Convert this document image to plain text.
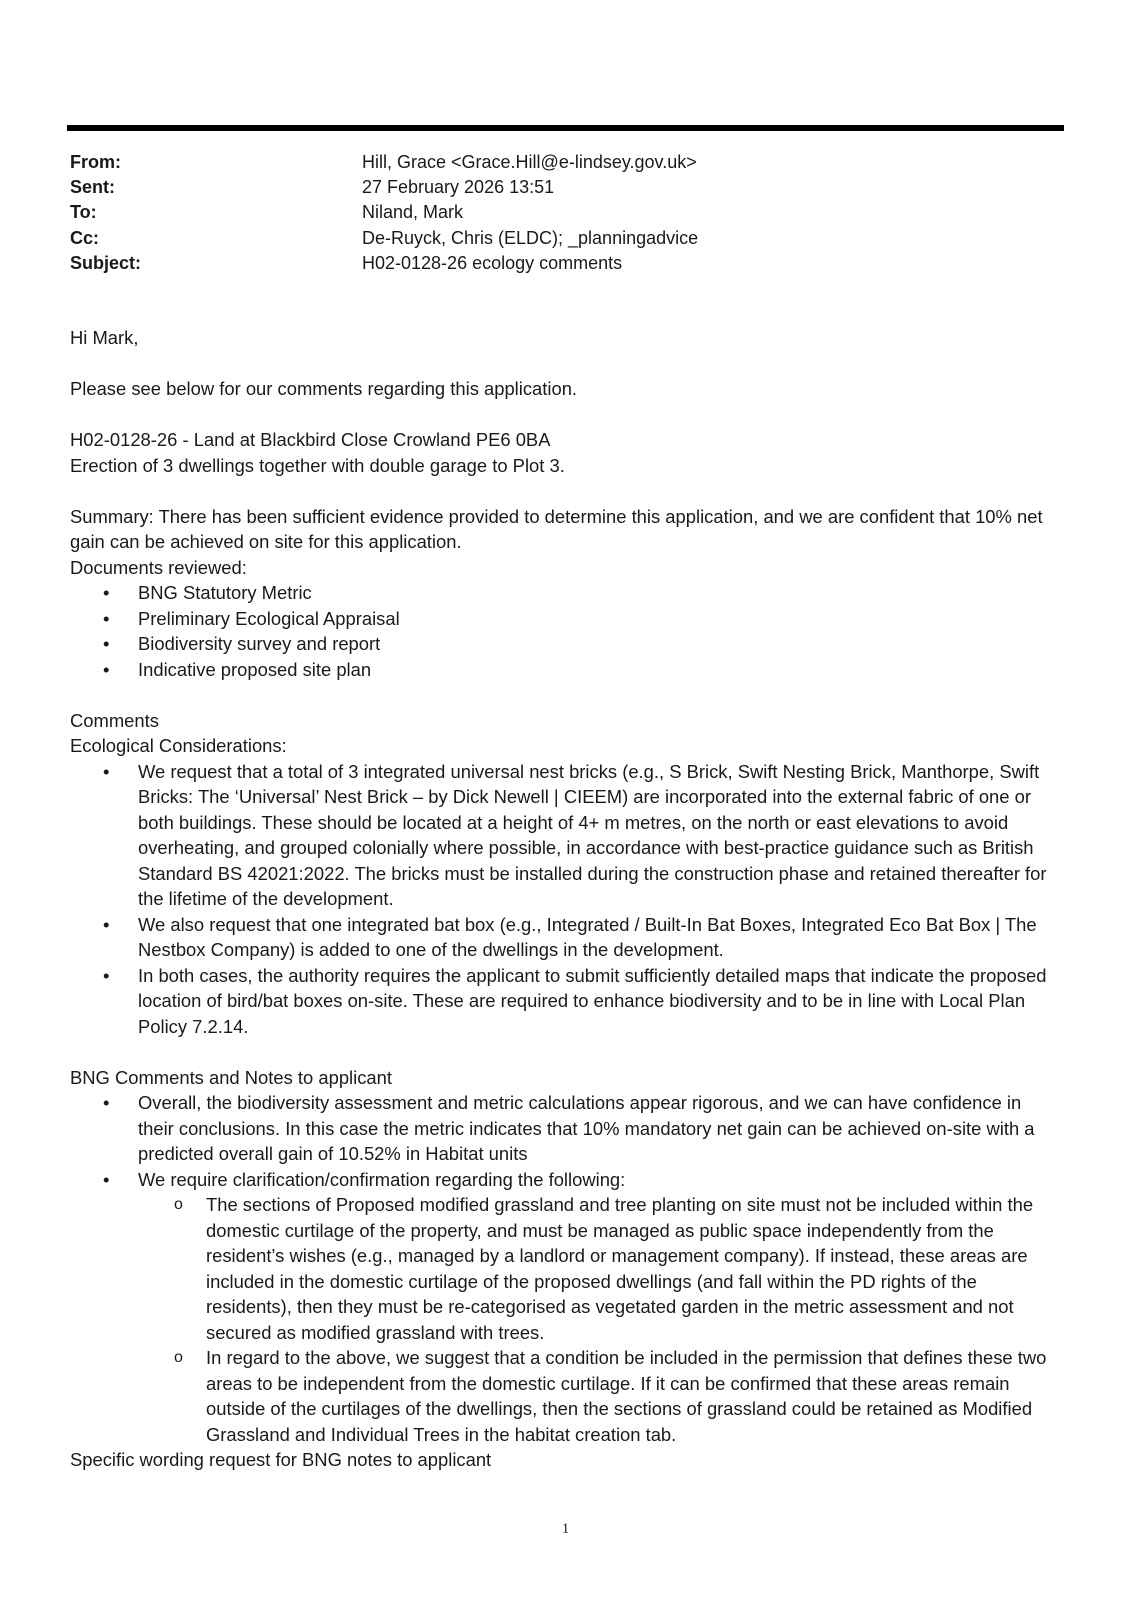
From:	Hill, Grace <Grace.Hill@e-lindsey.gov.uk>
Sent:	27 February 2026 13:51
To:	Niland, Mark
Cc:	De-Ruyck, Chris (ELDC); _planningadvice
Subject:	H02-0128-26 ecology comments

Hi Mark,

Please see below for our comments regarding this application.

H02-0128-26 - Land at Blackbird Close Crowland PE6 0BA

Erection of 3 dwellings together with double garage to Plot 3.

Summary: There has been sufficient evidence provided to determine this application, and we are confident that 10% net gain can be achieved on site for this application.

Documents reviewed:

• BNG Statutory Metric
• Preliminary Ecological Appraisal
• Biodiversity survey and report
• Indicative proposed site plan

Comments

Ecological Considerations:

• We request that a total of 3 integrated universal nest bricks (e.g., S Brick, Swift Nesting Brick, Manthorpe, Swift Bricks: The ‘Universal’ Nest Brick – by Dick Newell | CIEEM) are incorporated into the external fabric of one or both buildings. These should be located at a height of 4+ m metres, on the north or east elevations to avoid overheating, and grouped colonially where possible, in accordance with best-practice guidance such as British Standard BS 42021:2022. The bricks must be installed during the construction phase and retained thereafter for the lifetime of the development.
• We also request that one integrated bat box (e.g., Integrated / Built-In Bat Boxes, Integrated Eco Bat Box | The Nestbox Company) is added to one of the dwellings in the development.
• In both cases, the authority requires the applicant to submit sufficiently detailed maps that indicate the proposed location of bird/bat boxes on-site. These are required to enhance biodiversity and to be in line with Local Plan Policy 7.2.14.

BNG Comments and Notes to applicant

• Overall, the biodiversity assessment and metric calculations appear rigorous, and we can have confidence in their conclusions. In this case the metric indicates that 10% mandatory net gain can be achieved on-site with a predicted overall gain of 10.52% in Habitat units
• We require clarification/confirmation regarding the following:
o The sections of Proposed modified grassland and tree planting on site must not be included within the domestic curtilage of the property, and must be managed as public space independently from the resident’s wishes (e.g., managed by a landlord or management company). If instead, these areas are included in the domestic curtilage of the proposed dwellings (and fall within the PD rights of the residents), then they must be re-categorised as vegetated garden in the metric assessment and not secured as modified grassland with trees.
o In regard to the above, we suggest that a condition be included in the permission that defines these two areas to be independent from the domestic curtilage. If it can be confirmed that these areas remain outside of the curtilages of the dwellings, then the sections of grassland could be retained as Modified Grassland and Individual Trees in the habitat creation tab.

Specific wording request for BNG notes to applicant

1
